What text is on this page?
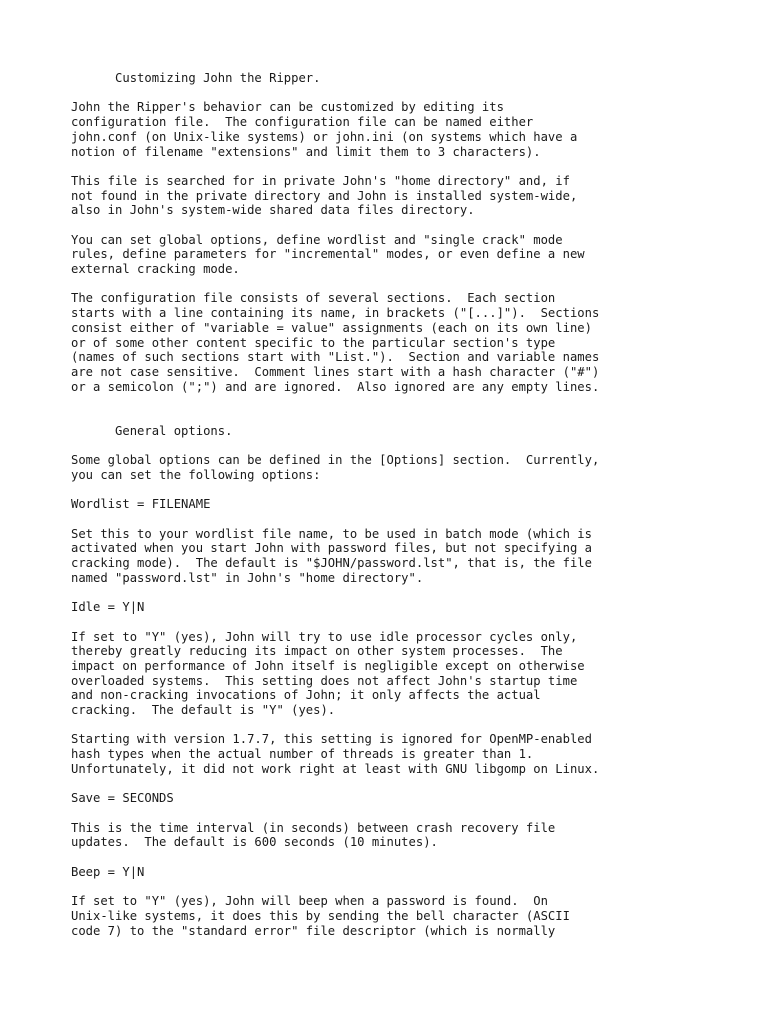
Customizing John the Ripper.

John the Ripper's behavior can be customized by editing its
configuration file.  The configuration file can be named either
john.conf (on Unix-like systems) or john.ini (on systems which have a
notion of filename "extensions" and limit them to 3 characters).

This file is searched for in private John's "home directory" and, if
not found in the private directory and John is installed system-wide,
also in John's system-wide shared data files directory.

You can set global options, define wordlist and "single crack" mode
rules, define parameters for "incremental" modes, or even define a new
external cracking mode.

The configuration file consists of several sections.  Each section
starts with a line containing its name, in brackets ("[...]").  Sections
consist either of "variable = value" assignments (each on its own line)
or of some other content specific to the particular section's type
(names of such sections start with "List.").  Section and variable names
are not case sensitive.  Comment lines start with a hash character ("#")
or a semicolon (";") and are ignored.  Also ignored are any empty lines.

General options.

Some global options can be defined in the [Options] section.  Currently,
you can set the following options:

Wordlist = FILENAME

Set this to your wordlist file name, to be used in batch mode (which is
activated when you start John with password files, but not specifying a
cracking mode).  The default is "$JOHN/password.lst", that is, the file
named "password.lst" in John's "home directory".

Idle = Y|N

If set to "Y" (yes), John will try to use idle processor cycles only,
thereby greatly reducing its impact on other system processes.  The
impact on performance of John itself is negligible except on otherwise
overloaded systems.  This setting does not affect John's startup time
and non-cracking invocations of John; it only affects the actual
cracking.  The default is "Y" (yes).

Starting with version 1.7.7, this setting is ignored for OpenMP-enabled
hash types when the actual number of threads is greater than 1.
Unfortunately, it did not work right at least with GNU libgomp on Linux.

Save = SECONDS

This is the time interval (in seconds) between crash recovery file
updates.  The default is 600 seconds (10 minutes).

Beep = Y|N

If set to "Y" (yes), John will beep when a password is found.  On
Unix-like systems, it does this by sending the bell character (ASCII
code 7) to the "standard error" file descriptor (which is normally
